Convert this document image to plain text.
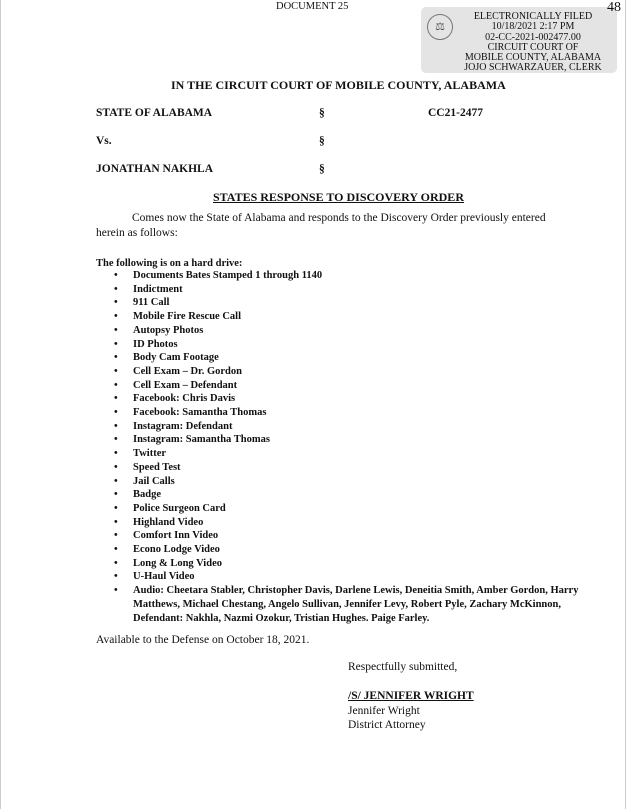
DOCUMENT 25
⚖
ELECTRONICALLY FILED
10/18/2021 2:17 PM
02-CC-2021-002477.00
CIRCUIT COURT OF
MOBILE COUNTY, ALABAMA
JOJO SCHWARZAUER, CLERK
48
IN THE CIRCUIT COURT OF MOBILE COUNTY, ALABAMA
STATE OF ALABAMA	§	CC21-2477
Vs.	§
JONATHAN NAKHLA	§
STATES RESPONSE TO DISCOVERY ORDER
Comes now the State of Alabama and responds to the Discovery Order previously entered herein as follows:
The following is on a hard drive:
• Documents Bates Stamped 1 through 1140
• Indictment
• 911 Call
• Mobile Fire Rescue Call
• Autopsy Photos
• ID Photos
• Body Cam Footage
• Cell Exam – Dr. Gordon
• Cell Exam – Defendant
• Facebook: Chris Davis
• Facebook: Samantha Thomas
• Instagram: Defendant
• Instagram: Samantha Thomas
• Twitter
• Speed Test
• Jail Calls
• Badge
• Police Surgeon Card
• Highland Video
• Comfort Inn Video
• Econo Lodge Video
• Long & Long Video
• U-Haul Video
• Audio: Cheetara Stabler, Christopher Davis, Darlene Lewis, Deneitia Smith, Amber Gordon, Harry Matthews, Michael Chestang, Angelo Sullivan, Jennifer Levy, Robert Pyle, Zachary McKinnon, Defendant: Nakhla, Nazmi Ozokur, Tristian Hughes. Paige Farley.
Available to the Defense on October 18, 2021.
Respectfully submitted,
/S/ JENNIFER WRIGHT
Jennifer Wright
District Attorney
